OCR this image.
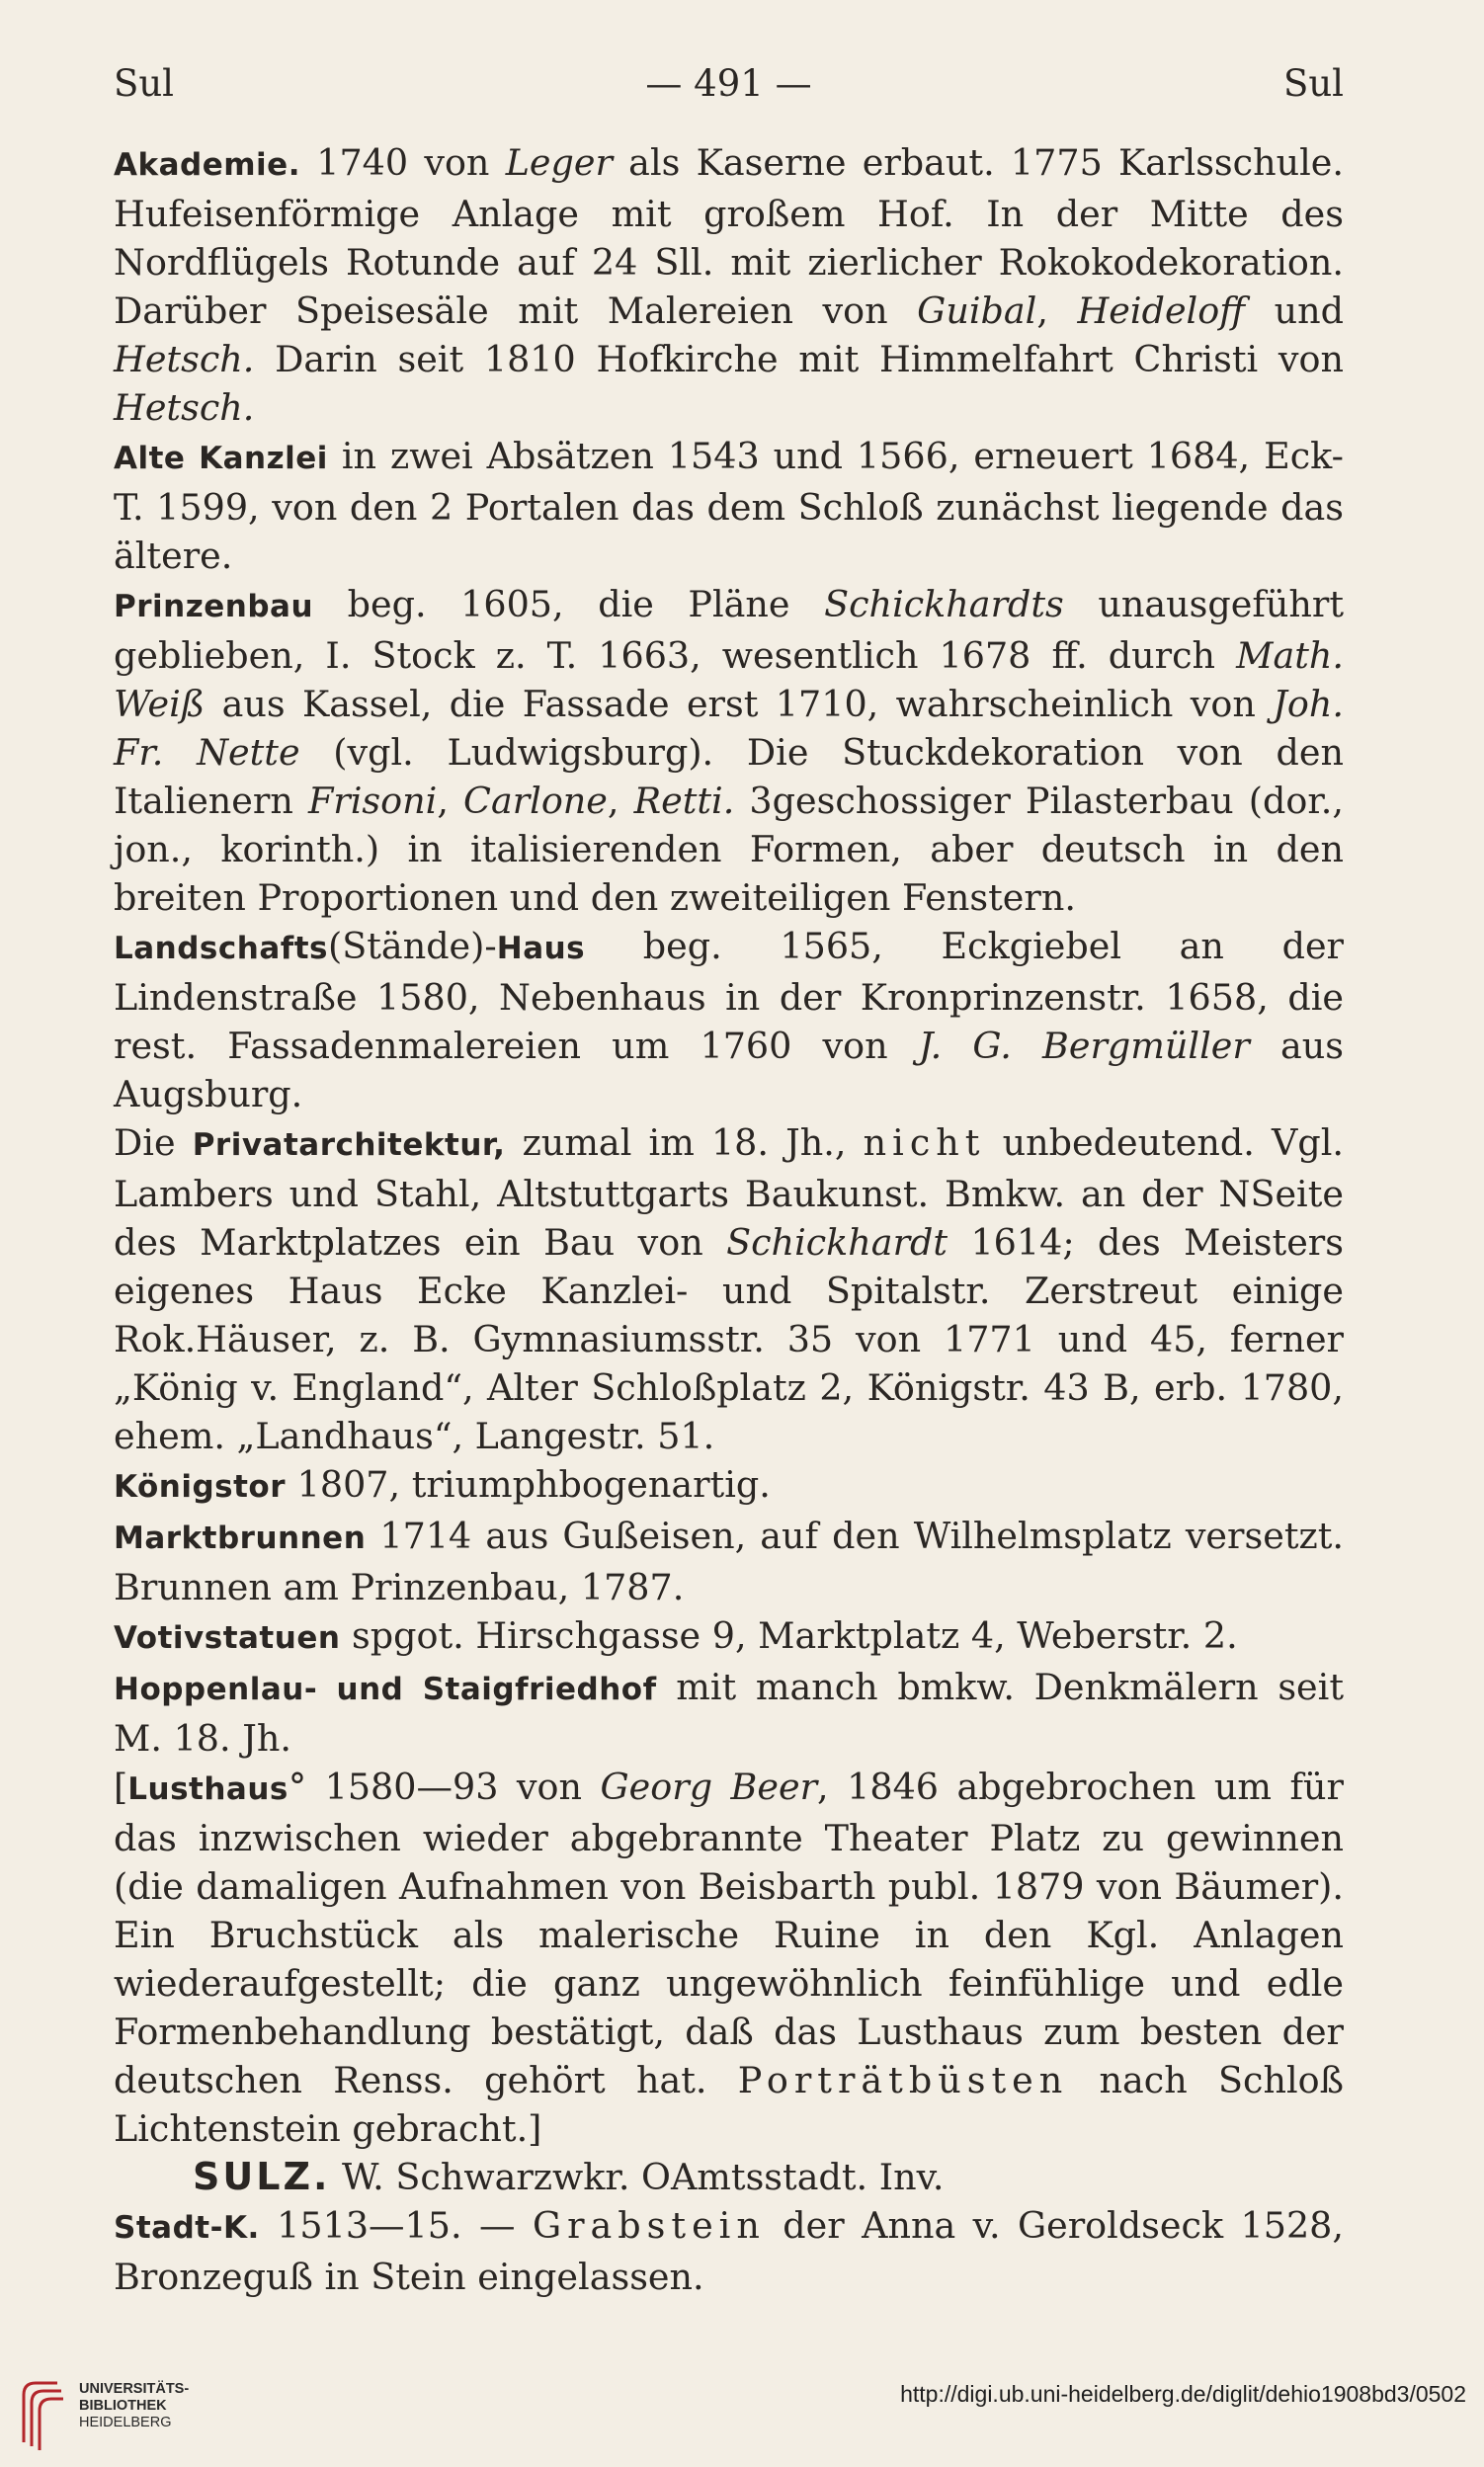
Sul	— 491 —	Sul

Akademie. 1740 von Leger als Kaserne erbaut. 1775 Karlsschule. Hufeisenförmige Anlage mit großem Hof. In der Mitte des Nordflügels Rotunde auf 24 Sll. mit zierlicher Rokokodekoration. Darüber Speisesäle mit Malereien von Guibal, Heideloff und Hetsch. Darin seit 1810 Hofkirche mit Himmelfahrt Christi von Hetsch.

Alte Kanzlei in zwei Absätzen 1543 und 1566, erneuert 1684, Eck-T. 1599, von den 2 Portalen das dem Schloß zunächst liegende das ältere.

Prinzenbau beg. 1605, die Pläne Schickhardts unausgeführt geblieben, I. Stock z. T. 1663, wesentlich 1678 ff. durch Math. Weiß aus Kassel, die Fassade erst 1710, wahrscheinlich von Joh. Fr. Nette (vgl. Ludwigsburg). Die Stuckdekoration von den Italienern Frisoni, Carlone, Retti. 3geschossiger Pilasterbau (dor., jon., korinth.) in italisierenden Formen, aber deutsch in den breiten Proportionen und den zweiteiligen Fenstern.

Landschafts(Stände)-Haus beg. 1565, Eckgiebel an der Lindenstraße 1580, Nebenhaus in der Kronprinzenstr. 1658, die rest. Fassadenmalereien um 1760 von J. G. Bergmüller aus Augsburg.

Die Privatarchitektur, zumal im 18. Jh., nicht unbedeutend. Vgl. Lambers und Stahl, Altstuttgarts Baukunst. Bmkw. an der NSeite des Marktplatzes ein Bau von Schickhardt 1614; des Meisters eigenes Haus Ecke Kanzlei- und Spitalstr. Zerstreut einige Rok.Häuser, z. B. Gymnasiumsstr. 35 von 1771 und 45, ferner „König v. England“, Alter Schloßplatz 2, Königstr. 43 B, erb. 1780, ehem. „Landhaus“, Langestr. 51.

Königstor 1807, triumphbogenartig.

Marktbrunnen 1714 aus Gußeisen, auf den Wilhelmsplatz versetzt. Brunnen am Prinzenbau, 1787.

Votivstatuen spgot. Hirschgasse 9, Marktplatz 4, Weberstr. 2.

Hoppenlau- und Staigfriedhof mit manch bmkw. Denkmälern seit M. 18. Jh.

[Lusthaus° 1580—93 von Georg Beer, 1846 abgebrochen um für das inzwischen wieder abgebrannte Theater Platz zu gewinnen (die damaligen Aufnahmen von Beisbarth publ. 1879 von Bäumer). Ein Bruchstück als malerische Ruine in den Kgl. Anlagen wiederaufgestellt; die ganz ungewöhnlich feinfühlige und edle Formenbehandlung bestätigt, daß das Lusthaus zum besten der deutschen Renss. gehört hat. Porträtbüsten nach Schloß Lichtenstein gebracht.]

SULZ. W. Schwarzwkr. OAmtsstadt. Inv.

Stadt-K. 1513—15. — Grabstein der Anna v. Geroldseck 1528, Bronzeguß in Stein eingelassen.

UNIVERSITÄTS-
BIBLIOTHEK
HEIDELBERG
http://digi.ub.uni-heidelberg.de/diglit/dehio1908bd3/0502
